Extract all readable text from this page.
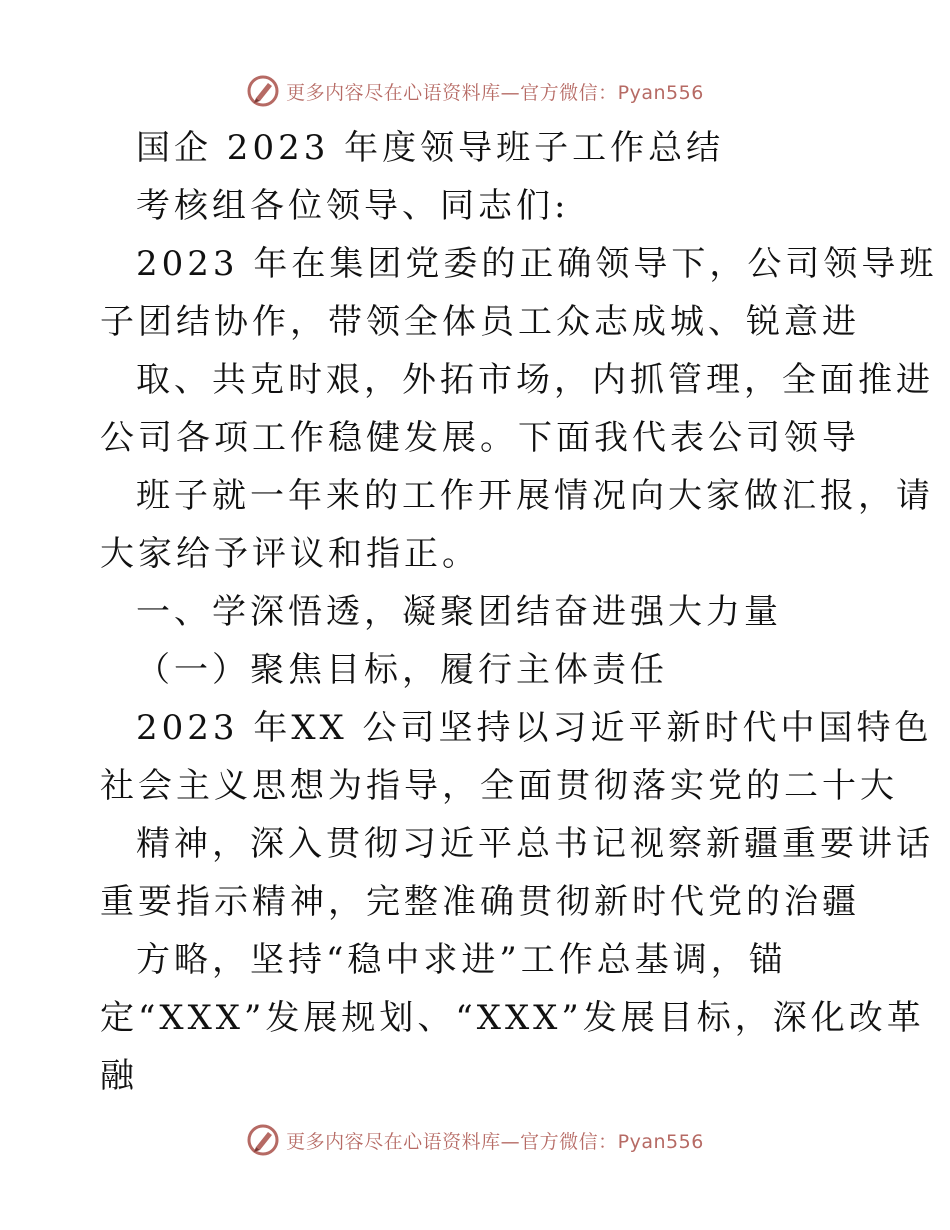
更多内容尽在心语资料库—官方微信：Pyan556
国企 2023 年度领导班子工作总结
考核组各位领导、同志们:
2023 年在集团党委的正确领导下，公司领导班
子团结协作，带领全体员工众志成城、锐意进
取、共克时艰，外拓市场，内抓管理，全面推进
公司各项工作稳健发展。下面我代表公司领导
班子就一年来的工作开展情况向大家做汇报，请
大家给予评议和指正。
一、学深悟透，凝聚团结奋进强大力量
（一）聚焦目标，履行主体责任
2023 年XX 公司坚持以习近平新时代中国特色
社会主义思想为指导，全面贯彻落实党的二十大
精神，深入贯彻习近平总书记视察新疆重要讲话
重要指示精神，完整准确贯彻新时代党的治疆
方略，坚持“稳中求进”工作总基调，锚
定“XXX”发展规划、“XXX”发展目标，深化改革
融
更多内容尽在心语资料库—官方微信：Pyan556
